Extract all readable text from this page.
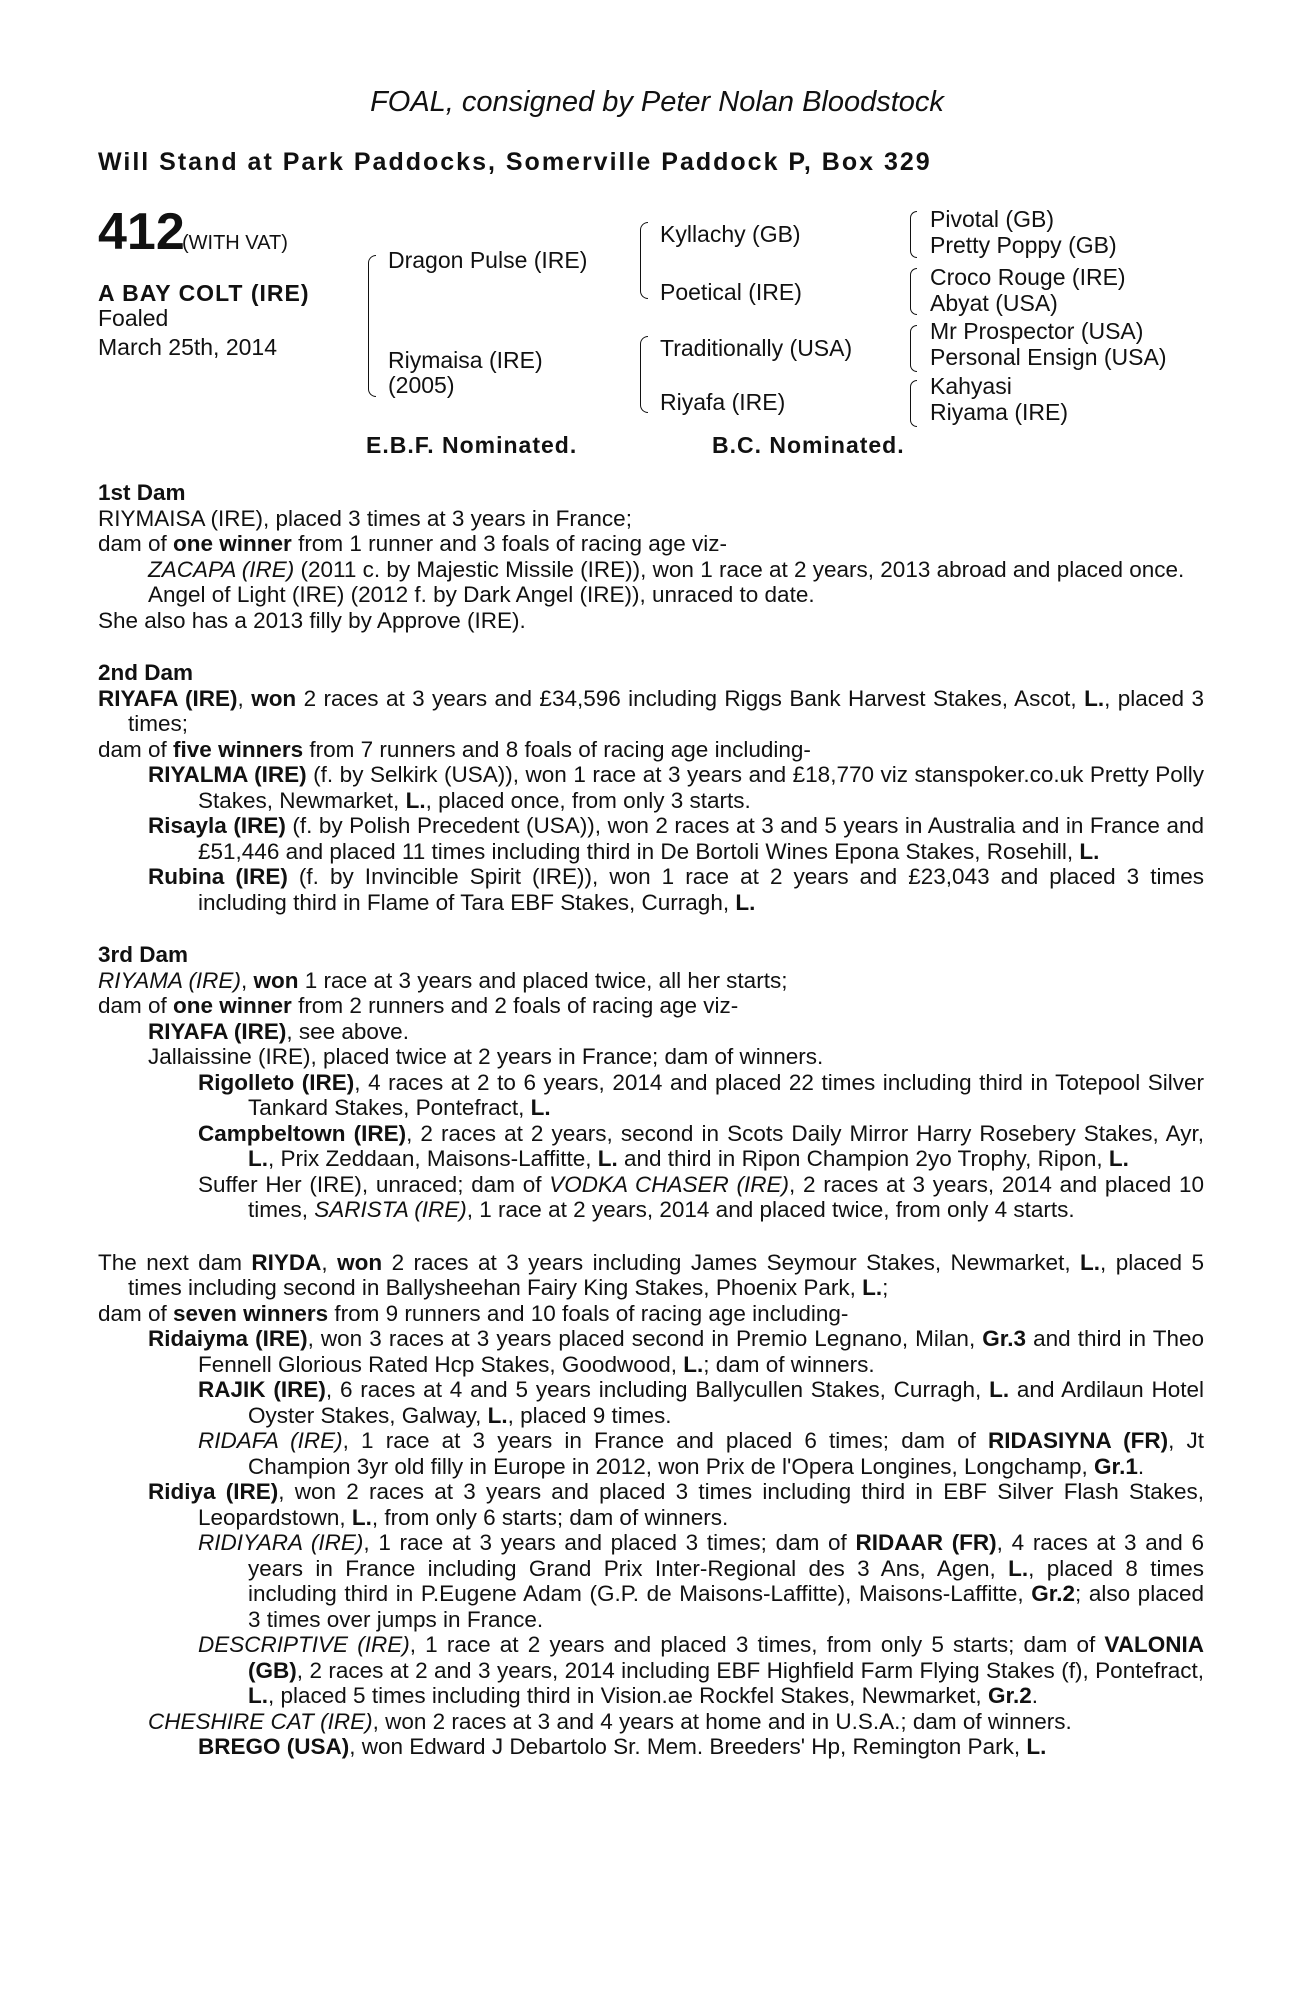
FOAL, consigned by Peter Nolan Bloodstock
Will Stand at Park Paddocks, Somerville Paddock P, Box 329
412
(WITH VAT)
A BAY COLT (IRE)
Foaled
March 25th, 2014
Dragon Pulse (IRE)
Riymaisa (IRE)
(2005)
Kyllachy (GB)
Poetical (IRE)
Traditionally (USA)
Riyafa (IRE)
Pivotal (GB)
Pretty Poppy (GB)
Croco Rouge (IRE)
Abyat (USA)
Mr Prospector (USA)
Personal Ensign (USA)
Kahyasi
Riyama (IRE)
E.B.F. Nominated.	B.C. Nominated.
1st Dam
RIYMAISA (IRE), placed 3 times at 3 years in France;
dam of one winner from 1 runner and 3 foals of racing age viz-
ZACAPA (IRE) (2011 c. by Majestic Missile (IRE)), won 1 race at 2 years, 2013 abroad and placed once.
Angel of Light (IRE) (2012 f. by Dark Angel (IRE)), unraced to date.
She also has a 2013 filly by Approve (IRE).
2nd Dam
RIYAFA (IRE), won 2 races at 3 years and £34,596 including Riggs Bank Harvest Stakes, Ascot, L., placed 3 times;
dam of five winners from 7 runners and 8 foals of racing age including-
RIYALMA (IRE) (f. by Selkirk (USA)), won 1 race at 3 years and £18,770 viz stanspoker.co.uk Pretty Polly Stakes, Newmarket, L., placed once, from only 3 starts.
Risayla (IRE) (f. by Polish Precedent (USA)), won 2 races at 3 and 5 years in Australia and in France and £51,446 and placed 11 times including third in De Bortoli Wines Epona Stakes, Rosehill, L.
Rubina (IRE) (f. by Invincible Spirit (IRE)), won 1 race at 2 years and £23,043 and placed 3 times including third in Flame of Tara EBF Stakes, Curragh, L.
3rd Dam
RIYAMA (IRE), won 1 race at 3 years and placed twice, all her starts;
dam of one winner from 2 runners and 2 foals of racing age viz-
RIYAFA (IRE), see above.
Jallaissine (IRE), placed twice at 2 years in France; dam of winners.
Rigolleto (IRE), 4 races at 2 to 6 years, 2014 and placed 22 times including third in Totepool Silver Tankard Stakes, Pontefract, L.
Campbeltown (IRE), 2 races at 2 years, second in Scots Daily Mirror Harry Rosebery Stakes, Ayr, L., Prix Zeddaan, Maisons-Laffitte, L. and third in Ripon Champion 2yo Trophy, Ripon, L.
Suffer Her (IRE), unraced; dam of VODKA CHASER (IRE), 2 races at 3 years, 2014 and placed 10 times, SARISTA (IRE), 1 race at 2 years, 2014 and placed twice, from only 4 starts.
The next dam RIYDA, won 2 races at 3 years including James Seymour Stakes, Newmarket, L., placed 5 times including second in Ballysheehan Fairy King Stakes, Phoenix Park, L.;
dam of seven winners from 9 runners and 10 foals of racing age including-
Ridaiyma (IRE), won 3 races at 3 years placed second in Premio Legnano, Milan, Gr.3 and third in Theo Fennell Glorious Rated Hcp Stakes, Goodwood, L.; dam of winners.
RAJIK (IRE), 6 races at 4 and 5 years including Ballycullen Stakes, Curragh, L. and Ardilaun Hotel Oyster Stakes, Galway, L., placed 9 times.
RIDAFA (IRE), 1 race at 3 years in France and placed 6 times; dam of RIDASIYNA (FR), Jt Champion 3yr old filly in Europe in 2012, won Prix de l'Opera Longines, Longchamp, Gr.1.
Ridiya (IRE), won 2 races at 3 years and placed 3 times including third in EBF Silver Flash Stakes, Leopardstown, L., from only 6 starts; dam of winners.
RIDIYARA (IRE), 1 race at 3 years and placed 3 times; dam of RIDAAR (FR), 4 races at 3 and 6 years in France including Grand Prix Inter-Regional des 3 Ans, Agen, L., placed 8 times including third in P.Eugene Adam (G.P. de Maisons-Laffitte), Maisons-Laffitte, Gr.2; also placed 3 times over jumps in France.
DESCRIPTIVE (IRE), 1 race at 2 years and placed 3 times, from only 5 starts; dam of VALONIA (GB), 2 races at 2 and 3 years, 2014 including EBF Highfield Farm Flying Stakes (f), Pontefract, L., placed 5 times including third in Vision.ae Rockfel Stakes, Newmarket, Gr.2.
CHESHIRE CAT (IRE), won 2 races at 3 and 4 years at home and in U.S.A.; dam of winners.
BREGO (USA), won Edward J Debartolo Sr. Mem. Breeders' Hp, Remington Park, L.
